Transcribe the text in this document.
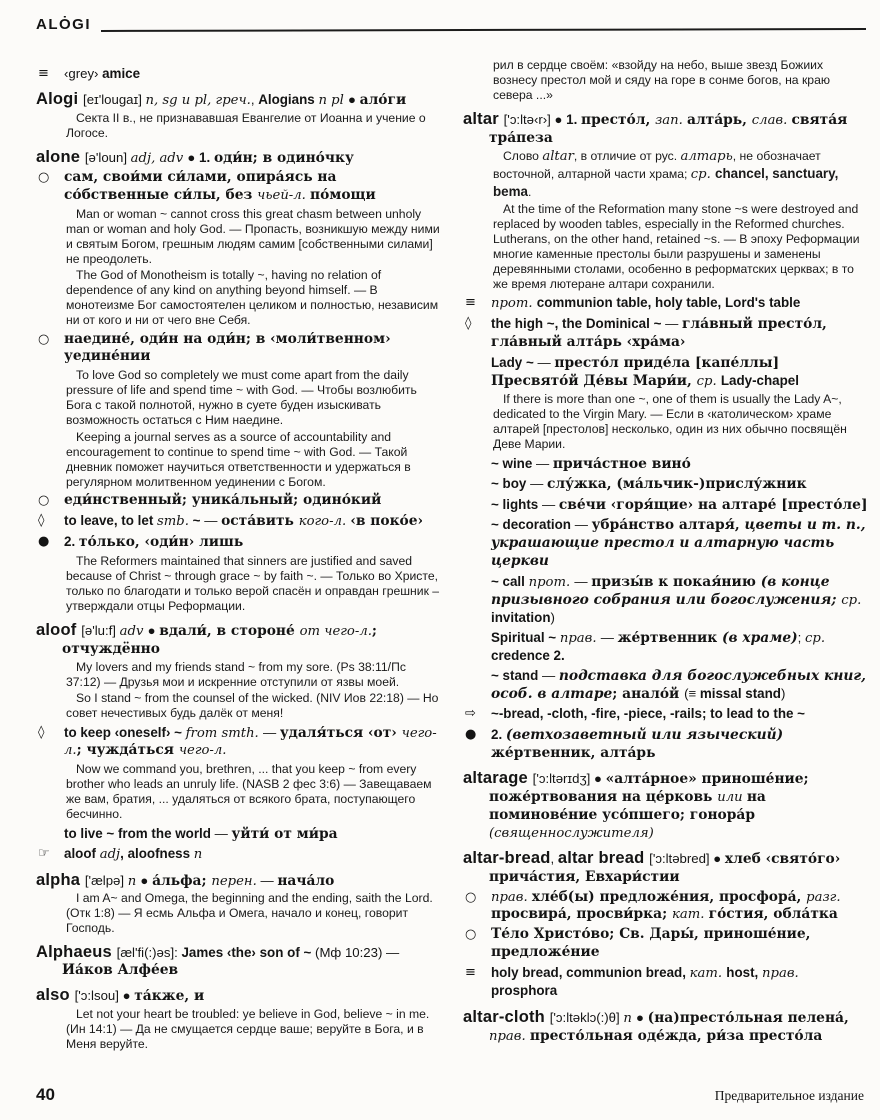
ALȮGI
≡ ‹grey› amice
Alogi [eɪ'lougaɪ] n, sg и pl, греч., Alogians n pl ● ало́ги
Секта II в., не признававшая Евангелие от Иоанна и учение о Логосе.
alone [ə'loun] adj, adv ● 1. оди́н; в одино́чку
○ сам, свои́ми си́лами, опира́ясь на со́бственные си́лы, без чьей-л. по́мощи
Man or woman ~ cannot cross this great chasm between unholy man or woman and holy God. — Пропасть, возникшую между ними и святым Богом, грешным людям самим [собственными силами] не преодолеть.
The God of Monotheism is totally ~, having no relation of dependence of any kind on anything beyond himself. — В монотеизме Бог самостоятелен целиком и полностью, независим ни от кого и ни от чего вне Себя.
○ наедине́, оди́н на оди́н; в ‹моли́твенном› уедине́нии
To love God so completely we must come apart from the daily pressure of life and spend time ~ with God. — Чтобы возлюбить Бога с такой полнотой, нужно в суете буден изыскивать возможность остаться с Ним наедине.
Keeping a journal serves as a source of accountability and encouragement to continue to spend time ~ with God. — Такой дневник поможет научиться ответственности и удержаться в регулярном молитвенном уединении с Богом.
○ еди́нственный; уника́льный; одино́кий
◊ to leave, to let smb. ~ — оста́вить кого-л. ‹в поко́е›
● 2. то́лько, ‹оди́н› лишь
The Reformers maintained that sinners are justified and saved because of Christ ~ through grace ~ by faith ~. — Только во Христе, только по благодати и только верой спасён и оправдан грешник – утверждали отцы Реформации.
aloof [ə'lu:f] adv ● вдали́, в стороне́ от чего-л.; отчуждённо
My lovers and my friends stand ~ from my sore. (Ps 38:11/Пс 37:12) — Друзья мои и искренние отступили от язвы моей.
So I stand ~ from the counsel of the wicked. (NIV Иов 22:18) — Но совет нечестивых будь далёк от меня!
◊ to keep ‹oneself› ~ from smth. — удаля́ться ‹от› чего-л.; чужда́ться чего-л.
Now we command you, brethren, ... that you keep ~ from every brother who leads an unruly life. (NASB 2 фес 3:6) — Завещаваем же вам, братия, ... удаляться от всякого брата, поступающего бесчинно.
to live ~ from the world — уйти́ от ми́ра
☞ aloof adj, aloofness n
alpha ['ælpə] n ● а́льфа; перен. — нача́ло
I am A~ and Omega, the beginning and the ending, saith the Lord. (Отк 1:8) — Я есмь Альфа и Омега, начало и конец, говорит Господь.
Alphaeus [æl'fi(:)əs]: James ‹the› son of ~ (Мф 10:23) — Иа́ков Алфе́ев
also ['ɔ:lsou] ● та́кже, и
Let not your heart be troubled: ye believe in God, believe ~ in me. (Ин 14:1) — Да не смущается сердце ваше; веруйте в Бога, и в Меня веруйте.
рил в сердце своём: «взойду на небо, выше звезд Божиих вознесу престол мой и сяду на горе в сонме богов, на краю севера ...»
altar ['ɔ:ltə‹r›] ● 1. престо́л, зап. алта́рь, слав. свята́я тра́пеза
Слово altar, в отличие от рус. алтарь, не обозначает восточной, алтарной части храма; ср. chancel, sanctuary, bema.
At the time of the Reformation many stone ~s were destroyed and replaced by wooden tables, especially in the Reformed churches. Lutherans, on the other hand, retained ~s. — В эпоху Реформации многие каменные престолы были разрушены и заменены деревянными столами, особенно в реформатских церквах; в то же время лютеране алтари сохранили.
≡ прот. communion table, holy table, Lord's table
◊ the high ~, the Dominical ~ — гла́вный престо́л, гла́вный алта́рь ‹хра́ма›
Lady ~ — престо́л приде́ла [капе́ллы] Пресвято́й Де́вы Мари́и, ср. Lady-chapel
If there is more than one ~, one of them is usually the Lady A~, dedicated to the Virgin Mary. — Если в ‹католическом› храме алтарей [престолов] несколько, один из них обычно посвящён Деве Марии.
~ wine — прича́стное вино́
~ boy — слу́жка, (ма́льчик-)прислу́жник
~ lights — све́чи ‹горя́щие› на алтаре́ [престо́ле]
~ decoration — убра́нство алтаря́, цветы и т. п., украшающие престол и алтарную часть церкви
~ call прот. — призы́в к покая́нию (в конце призывного собрания или богослужения; ср. invitation)
Spiritual ~ прав. — же́ртвенник (в храме); ср. credence 2.
~ stand — подставка для богослужебных книг, особ. в алтаре; анало́й (≡ missal stand)
⇨ ~-bread, -cloth, -fire, -piece, -rails; to lead to the ~
● 2. (ветхозаветный или языческий) же́ртвенник, алта́рь
altarage ['ɔ:ltərɪdʒ] ● «алта́рное» приноше́ние; поже́ртвования на це́рковь или на поминове́ние усо́пшего; гонора́р (священнослужителя)
altar-bread, altar bread ['ɔ:ltəbred] ● хлеб ‹свято́го› прича́стия, Евхари́стии
○ прав. хле́б(ы) предложе́ния, просфора́, разг. просвира́, просви́рка; кат. го́стия, обла́тка
○ Те́ло Христо́во; Св. Дары́, приноше́ние, предложе́ние
≡ holy bread, communion bread, кат. host, прав. prosphora
altar-cloth ['ɔ:ltəklɔ(:)θ] n ● (на)престо́льная пелена́, прав. престо́льная оде́жда, ри́за престо́ла
40	Предварительное издание
